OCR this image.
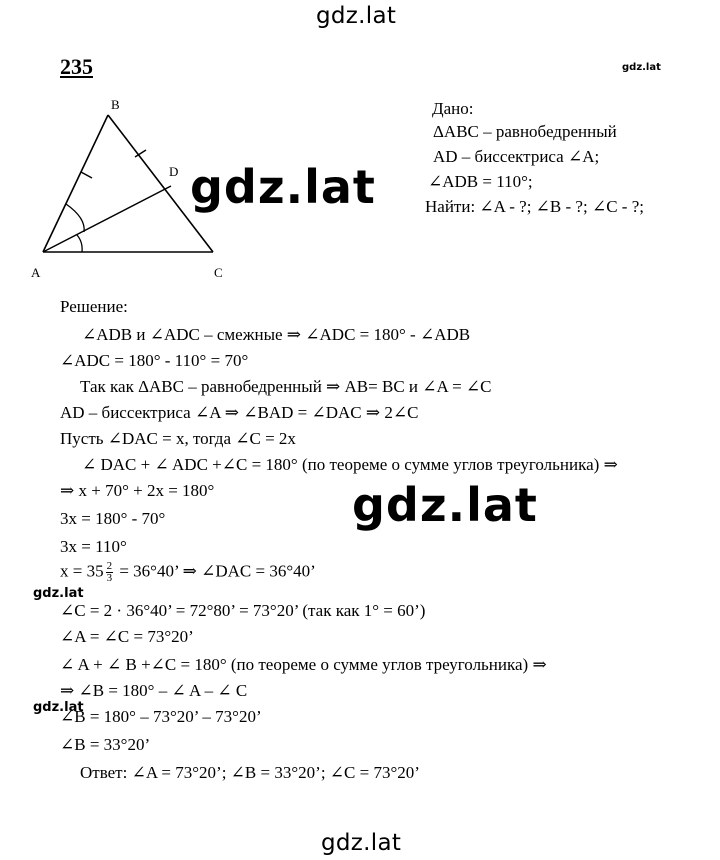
gdz.lat
gdz.lat
gdz.lat
gdz.lat
gdz.lat
gdz.lat
gdz.lat
235
B
D
A	C
Дано:
ΔABC – равнобедренный
AD – биссектриса ∠A;
∠ADB = 110°;
Найти: ∠A - ?; ∠B - ?; ∠C - ?;
Решение:
∠ADB и ∠ADC – смежные ⇒ ∠ADC = 180° - ∠ADB
∠ADC = 180° - 110° = 70°
Так как ΔABC – равнобедренный ⇒ AB= BC и ∠A = ∠C
AD – биссектриса ∠A ⇒ ∠BAD = ∠DAC ⇒ 2∠C
Пусть ∠DAC = x, тогда ∠C = 2x
∠ DAC + ∠ ADC +∠C = 180° (по теореме о сумме углов треугольника) ⇒
⇒ x + 70° + 2x = 180°
3x = 180° - 70°
3x = 110°
$x = 35 \frac{2}{3} = 36^\circ 40$’ ⇒ ∠DAC = 36°40’
∠C = 2 · 36°40’ = 72°80’ = 73°20’ (так как 1° = 60’)
∠A = ∠C = 73°20’
∠ A + ∠ B +∠C = 180° (по теореме о сумме углов треугольника) ⇒
⇒ ∠B = 180° – ∠ A – ∠ C
∠B = 180° – 73°20’ – 73°20’
∠B = 33°20’
Ответ: ∠A = 73°20’; ∠B = 33°20’; ∠C = 73°20’
